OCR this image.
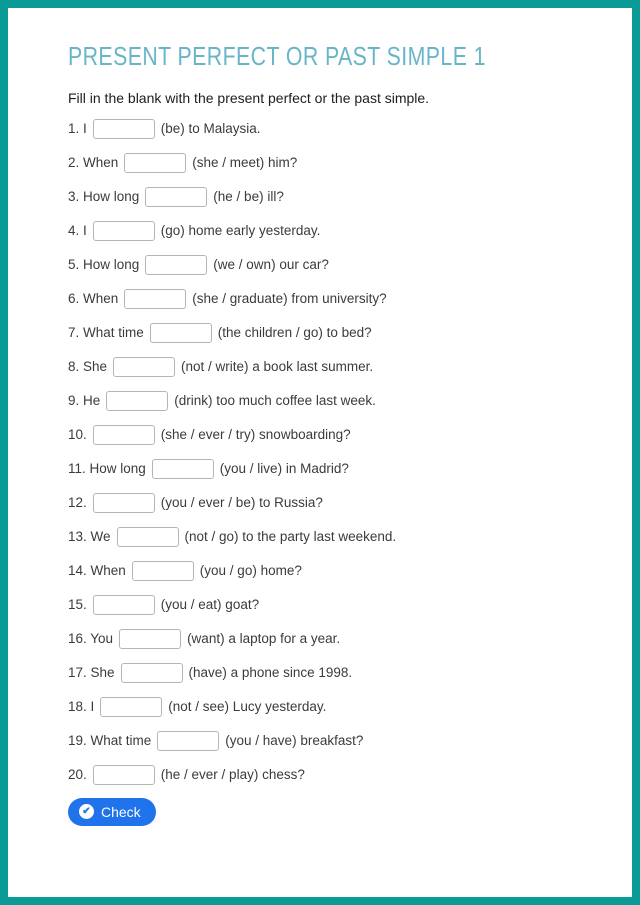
PRESENT PERFECT OR PAST SIMPLE 1

Fill in the blank with the present perfect or the past simple.

1. I	(be) to Malaysia.
2. When	(she / meet) him?
3. How long	(he / be) ill?
4. I	(go) home early yesterday.
5. How long	(we / own) our car?
6. When	(she / graduate) from university?
7. What time	(the children / go) to bed?
8. She	(not / write) a book last summer.
9. He	(drink) too much coffee last week.
10.	(she / ever / try) snowboarding?
11. How long	(you / live) in Madrid?
12.	(you / ever / be) to Russia?
13. We	(not / go) to the party last weekend.
14. When	(you / go) home?
15.	(you / eat) goat?
16. You	(want) a laptop for a year.
17. She	(have) a phone since 1998.
18. I	(not / see) Lucy yesterday.
19. What time	(you / have) breakfast?
20.	(he / ever / play) chess?
✔ Check
